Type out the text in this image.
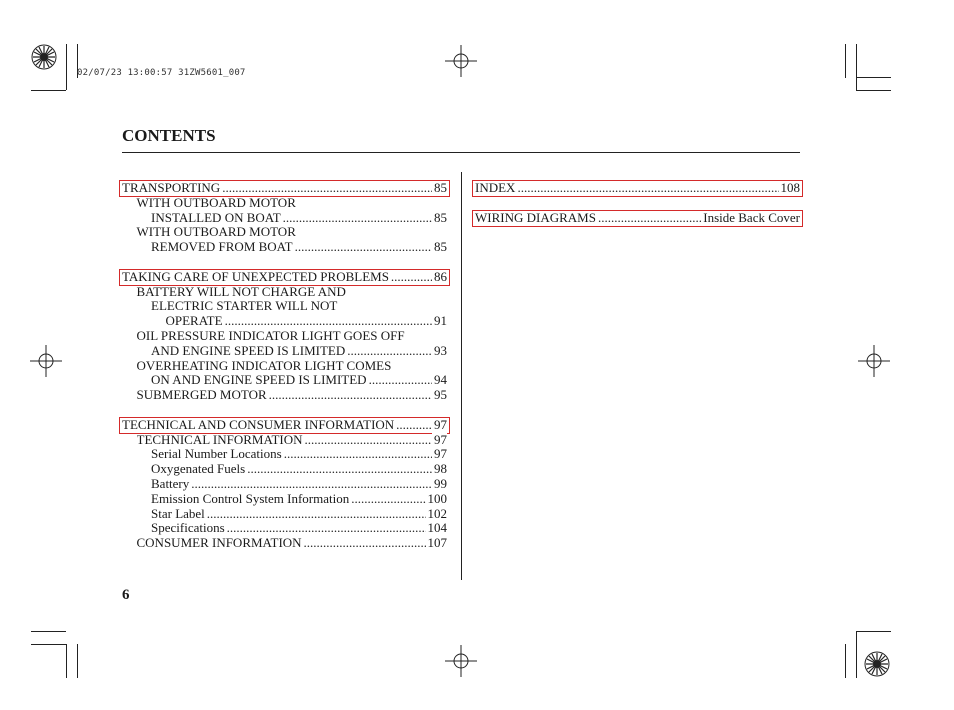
02/07/23 13:00:57 31ZW5601_007
CONTENTS
TRANSPORTING	85
.....
WITH OUTBOARD MOTOR
INSTALLED ON BOAT	85
.....
WITH OUTBOARD MOTOR
REMOVED FROM BOAT	85
.....
TAKING CARE OF UNEXPECTED PROBLEMS	86
.....
BATTERY WILL NOT CHARGE AND
ELECTRIC STARTER WILL NOT
OPERATE	91
.....
OIL PRESSURE INDICATOR LIGHT GOES OFF
AND ENGINE SPEED IS LIMITED	93
.....
OVERHEATING INDICATOR LIGHT COMES
ON AND ENGINE SPEED IS LIMITED	94
.....
SUBMERGED MOTOR	95
.....
TECHNICAL AND CONSUMER INFORMATION	97
.....
TECHNICAL INFORMATION	97
.....
Serial Number Locations	97
.....
Oxygenated Fuels	98
.....
Battery	99
.....
Emission Control System Information	100
.....
Star Label	102
.....
Specifications	104
.....
CONSUMER INFORMATION	107
.....
INDEX	108
.....
WIRING DIAGRAMS	Inside Back Cover
.....
6
